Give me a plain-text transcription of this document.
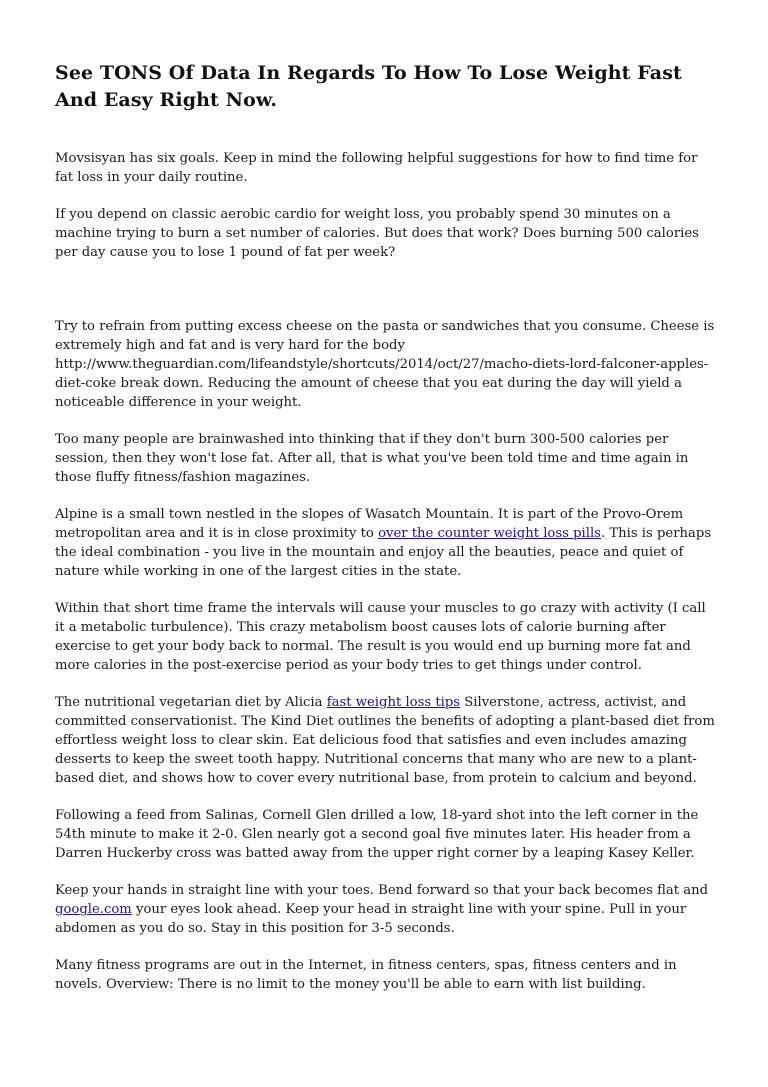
See TONS Of Data In Regards To How To Lose Weight Fast And Easy Right Now.

Movsisyan has six goals. Keep in mind the following helpful suggestions for how to find time for fat loss in your daily routine.

If you depend on classic aerobic cardio for weight loss, you probably spend 30 minutes on a machine trying to burn a set number of calories. But does that work? Does burning 500 calories per day cause you to lose 1 pound of fat per week?

Try to refrain from putting excess cheese on the pasta or sandwiches that you consume. Cheese is extremely high and fat and is very hard for the body http://www.theguardian.com/lifeandstyle/shortcuts/2014/oct/27/macho-diets-lord-falconer-apples-diet-coke break down. Reducing the amount of cheese that you eat during the day will yield a noticeable difference in your weight.

Too many people are brainwashed into thinking that if they don't burn 300-500 calories per session, then they won't lose fat. After all, that is what you've been told time and time again in those fluffy fitness/fashion magazines.

Alpine is a small town nestled in the slopes of Wasatch Mountain. It is part of the Provo-Orem metropolitan area and it is in close proximity to over the counter weight loss pills. This is perhaps the ideal combination - you live in the mountain and enjoy all the beauties, peace and quiet of nature while working in one of the largest cities in the state.

Within that short time frame the intervals will cause your muscles to go crazy with activity (I call it a metabolic turbulence). This crazy metabolism boost causes lots of calorie burning after exercise to get your body back to normal. The result is you would end up burning more fat and more calories in the post-exercise period as your body tries to get things under control.

The nutritional vegetarian diet by Alicia fast weight loss tips Silverstone, actress, activist, and committed conservationist. The Kind Diet outlines the benefits of adopting a plant-based diet from effortless weight loss to clear skin. Eat delicious food that satisfies and even includes amazing desserts to keep the sweet tooth happy. Nutritional concerns that many who are new to a plant-based diet, and shows how to cover every nutritional base, from protein to calcium and beyond.

Following a feed from Salinas, Cornell Glen drilled a low, 18-yard shot into the left corner in the 54th minute to make it 2-0. Glen nearly got a second goal five minutes later. His header from a Darren Huckerby cross was batted away from the upper right corner by a leaping Kasey Keller.

Keep your hands in straight line with your toes. Bend forward so that your back becomes flat and google.com your eyes look ahead. Keep your head in straight line with your spine. Pull in your abdomen as you do so. Stay in this position for 3-5 seconds.

Many fitness programs are out in the Internet, in fitness centers, spas, fitness centers and in novels. Overview: There is no limit to the money you'll be able to earn with list building.
